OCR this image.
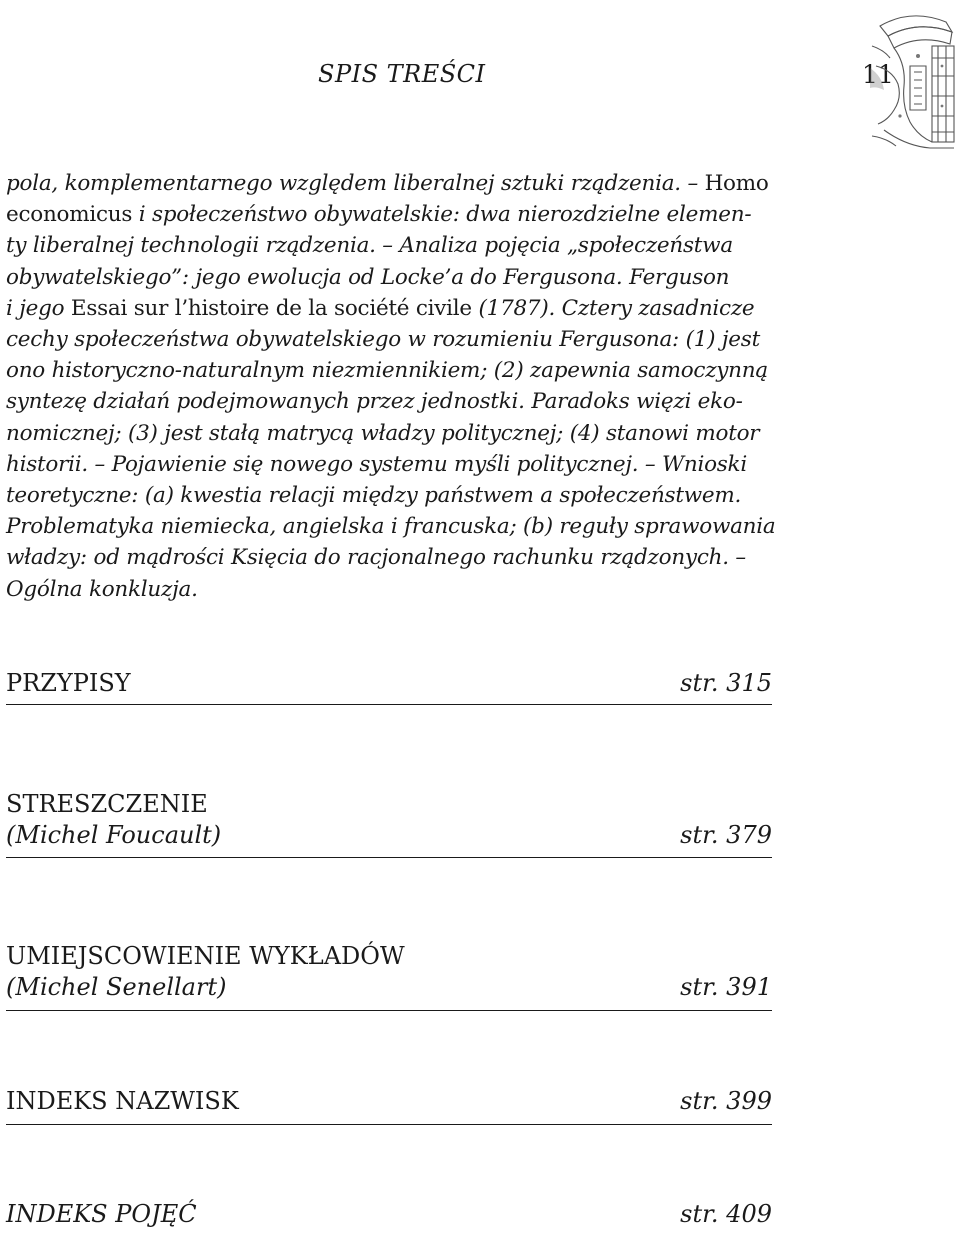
SPIS TREŚCI	11
pola, komplementarnego względem liberalnej sztuki rządzenia. – Homo
economicus i społeczeństwo obywatelskie: dwa nierozdzielne elemen-
ty liberalnej technologii rządzenia. – Analiza pojęcia „społeczeństwa
obywatelskiego”: jego ewolucja od Locke’a do Fergusona. Ferguson
i jego Essai sur l’histoire de la société civile (1787). Cztery zasadnicze
cechy społeczeństwa obywatelskiego w rozumieniu Fergusona: (1) jest
ono historyczno-naturalnym niezmiennikiem; (2) zapewnia samoczynną
syntezę działań podejmowanych przez jednostki. Paradoks więzi eko-
nomicznej; (3) jest stałą matrycą władzy politycznej; (4) stanowi motor
historii. – Pojawienie się nowego systemu myśli politycznej. – Wnioski
teoretyczne: (a) kwestia relacji między państwem a społeczeństwem.
Problematyka niemiecka, angielska i francuska; (b) reguły sprawowania
władzy: od mądrości Księcia do racjonalnego rachunku rządzonych. –
Ogólna konkluzja.
PRZYPISY	str. 315
STRESZCZENIE
(Michel Foucault)	str. 379
UMIEJSCOWIENIE WYKŁADÓW
(Michel Senellart)	str. 391
INDEKS NAZWISK	str. 399
INDEKS POJĘĆ	str. 409
